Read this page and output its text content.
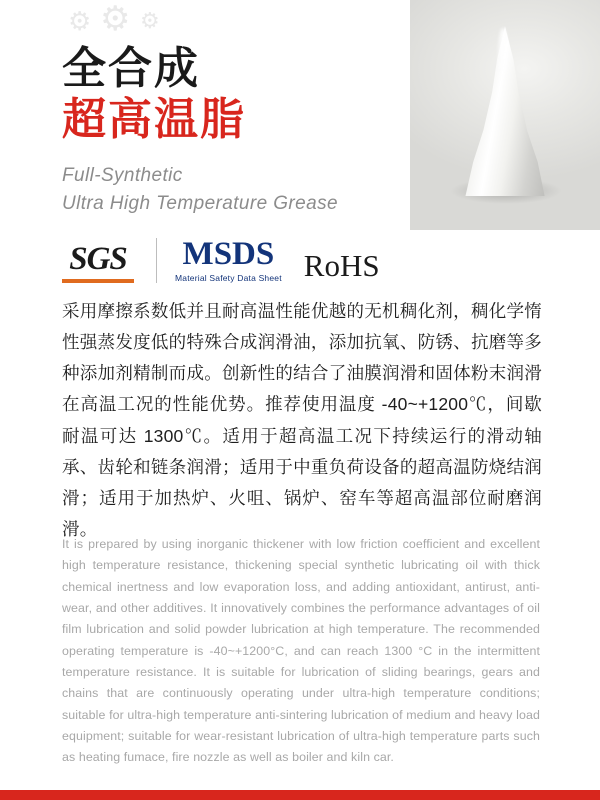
⚙ ⚙ ⚙
全合成
超高温脂
Full-Synthetic
Ultra High Temperature Grease
SGS MSDS
Material Safety Data Sheet RoHS
采用摩擦系数低并且耐高温性能优越的无机稠化剂，稠化学惰性强蒸发度低的特殊合成润滑油，添加抗氧、防锈、抗磨等多种添加剂精制而成。创新性的结合了油膜润滑和固体粉末润滑在高温工况的性能优势。推荐使用温度 -40~+1200℃，间歇耐温可达 1300℃。适用于超高温工况下持续运行的滑动轴承、齿轮和链条润滑；适用于中重负荷设备的超高温防烧结润滑；适用于加热炉、火咀、锅炉、窑车等超高温部位耐磨润滑。
It is prepared by using inorganic thickener with low friction coefficient and excellent high temperature resistance, thickening special synthetic lubricating oil with thick chemical inertness and low evaporation loss, and adding antioxidant, antirust, anti-wear, and other additives. It innovatively combines the performance advantages of oil film lubrication and solid powder lubrication at high temperature. The recommended operating temperature is -40~+1200°C, and can reach 1300 °C in the intermittent temperature resistance. It is suitable for lubrication of sliding bearings, gears and chains that are continuously operating under ultra-high temperature conditions; suitable for ultra-high temperature anti-sintering lubrication of medium and heavy load equipment; suitable for wear-resistant lubrication of ultra-high temperature parts such as heating fumace, fire nozzle as well as boiler and kiln car.
